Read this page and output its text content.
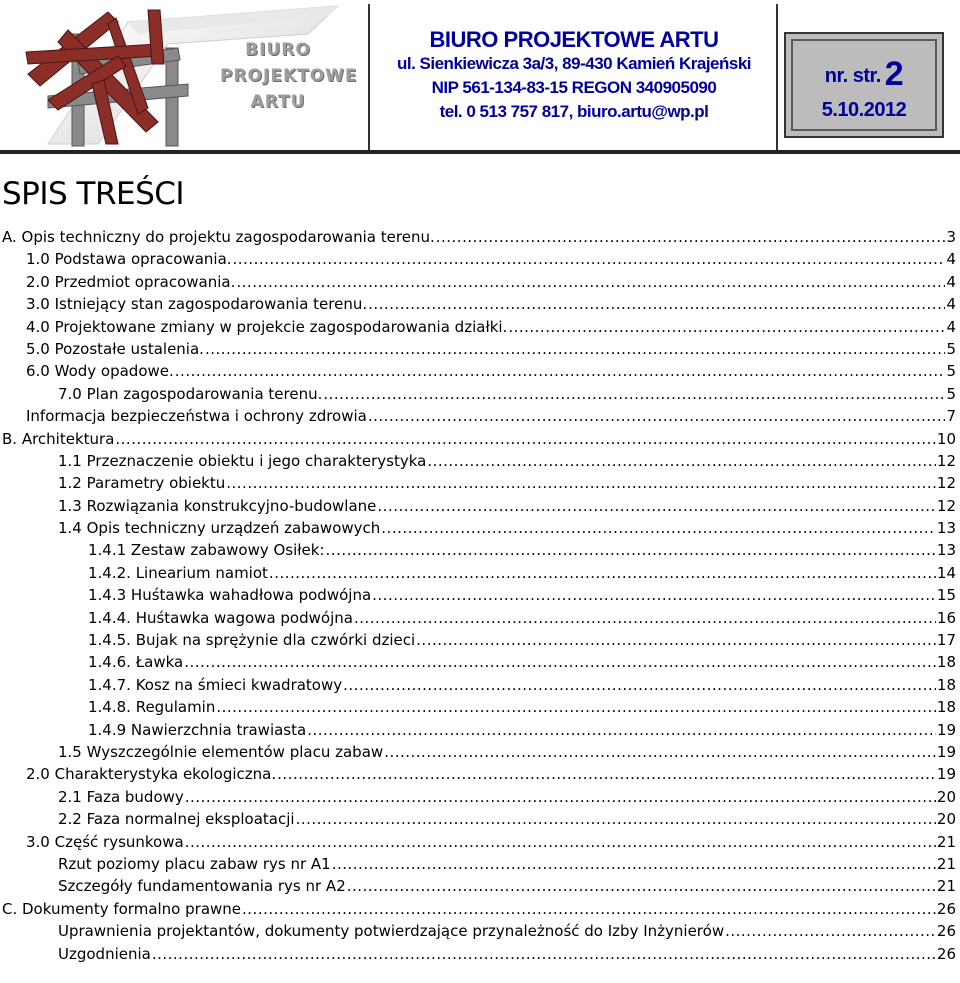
BIURO
PROJEKTOWE
ARTU
BIURO PROJEKTOWE ARTU
ul. Sienkiewicza 3a/3, 89-430 Kamień Krajeński
NIP 561-134-83-15 REGON 340905090
tel. 0 513 757 817, biuro.artu@wp.pl
nr. str. 2
5.10.2012
SPIS TREŚCI
A. Opis techniczny do projektu zagospodarowania terenu. .....	3
1.0 Podstawa opracowania. .....	4
2.0 Przedmiot opracowania. .....	4
3.0 Istniejący stan zagospodarowania terenu. .....	4
4.0 Projektowane zmiany w projekcie zagospodarowania działki. .....	4
5.0 Pozostałe ustalenia. .....	5
6.0 Wody opadowe. .....	5
7.0 Plan zagospodarowania terenu. .....	5
Informacja bezpieczeństwa i ochrony zdrowia .....	7
B. Architektura .....	10
1.1 Przeznaczenie obiektu i jego charakterystyka .....	12
1.2 Parametry obiektu .....	12
1.3 Rozwiązania konstrukcyjno-budowlane .....	12
1.4 Opis techniczny urządzeń zabawowych .....	13
1.4.1 Zestaw zabawowy Osiłek: .....	13
1.4.2. Linearium namiot .....	14
1.4.3 Huśtawka wahadłowa podwójna .....	15
1.4.4. Huśtawka wagowa podwójna .....	16
1.4.5. Bujak na sprężynie dla czwórki dzieci .....	17
1.4.6. Ławka .....	18
1.4.7. Kosz na śmieci kwadratowy .....	18
1.4.8. Regulamin .....	18
1.4.9 Nawierzchnia trawiasta .....	19
1.5 Wyszczególnie elementów placu zabaw .....	19
2.0 Charakterystyka ekologiczna. .....	19
2.1 Faza budowy .....	20
2.2 Faza normalnej eksploatacji .....	20
3.0 Część rysunkowa .....	21
Rzut poziomy placu zabaw rys nr A1 .....	21
Szczegóły fundamentowania rys nr A2 .....	21
C. Dokumenty formalno prawne .....	26
Uprawnienia projektantów, dokumenty potwierdzające przynależność do Izby Inżynierów .....	26
Uzgodnienia .....	26
